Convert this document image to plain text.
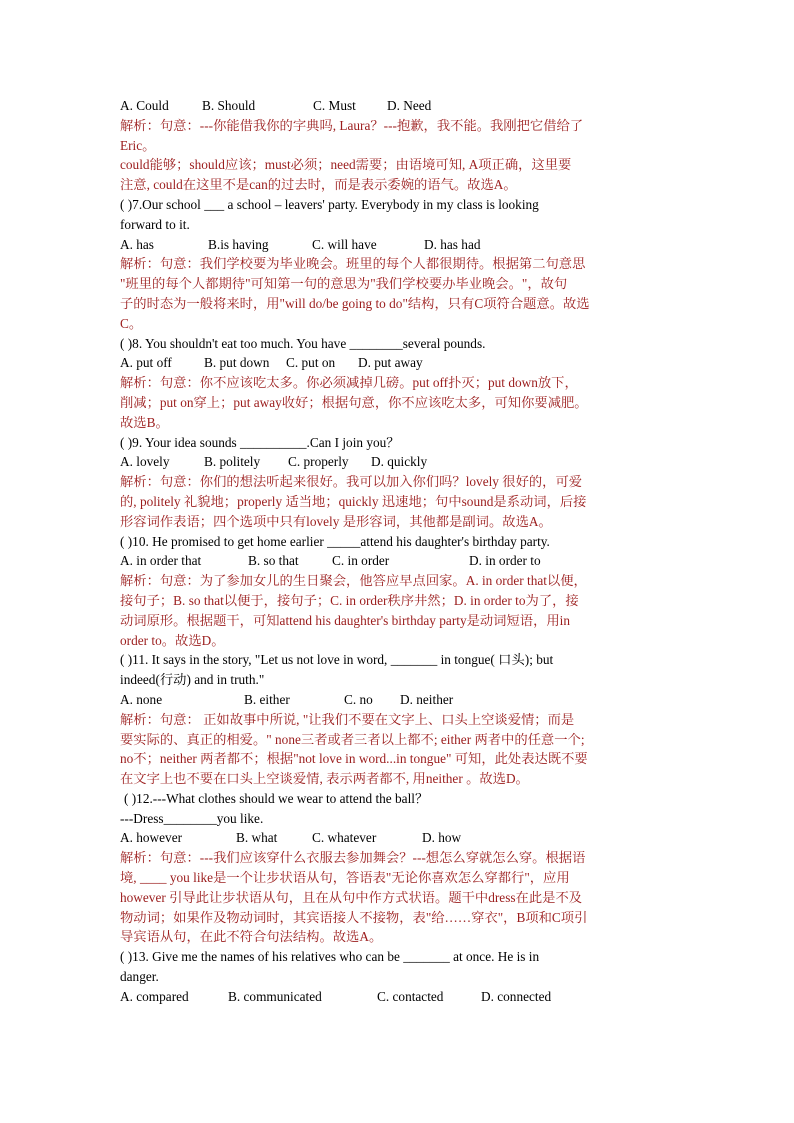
A. Could B. Should	C. Must D. Need
解析：句意：---你能借我你的字典吗, Laura？---抱歉，我不能。我刚把它借给了
Eric。
could能够；should应该；must必须；need需要；由语境可知, A项正确，这里要
注意, could在这里不是can的过去时，而是表示委婉的语气。故选A。
( )7.Our school ___ a school – leavers' party. Everybody in my class is looking
forward to it.
A. has	B.is having	C. will have	D. has had
解析：句意：我们学校要为毕业晚会。班里的每个人都很期待。根据第二句意思
"班里的每个人都期待"可知第一句的意思为"我们学校要办毕业晚会。"，故句
子的时态为一般将来时，用"will do/be going to do"结构，只有C项符合题意。故选
C。
( )8. You shouldn't eat too much. You have ________several pounds.
A. put off B. put down C. put on D. put away
解析：句意：你不应该吃太多。你必须减掉几磅。put off扑灭；put down放下，
削减；put on穿上；put away收好；根据句意，你不应该吃太多，可知你要减肥。
故选B。
( )9. Your idea sounds __________.Can I join you？
A. lovely	B. politely C. properly D. quickly
解析：句意：你们的想法听起来很好。我可以加入你们吗？lovely 很好的，可爱
的, politely 礼貌地；properly 适当地；quickly 迅速地；句中sound是系动词，后接
形容词作表语；四个选项中只有lovely 是形容词，其他都是副词。故选A。
( )10. He promised to get home earlier _____attend his daughter's birthday party.
A. in order that	B. so that	C. in order	D. in order to
解析：句意：为了参加女儿的生日聚会，他答应早点回家。A. in order that以便，
接句子；B. so that以便于，接句子；C. in order秩序井然；D. in order to为了，接
动词原形。根据题干，可知attend his daughter's birthday party是动词短语，用in
order to。故选D。
( )11. It says in the story, "Let us not love in word, _______ in tongue( 口头); but
indeed(行动) and in truth."
A. none	B. either	C. no D. neither
解析：句意： 正如故事中所说, "让我们不要在文字上、口头上空谈爱情；而是
要实际的、真正的相爱。" none三者或者三者以上都不; either 两者中的任意一个;
no不；neither 两者都不；根据"not love in word...in tongue" 可知，此处表达既不要
在文字上也不要在口头上空谈爱情, 表示两者都不, 用neither 。故选D。
( )12.---What clothes should we wear to attend the ball？
---Dress________you like.
A. however	B. what	C. whatever	D. how
解析：句意：---我们应该穿什么衣服去参加舞会？---想怎么穿就怎么穿。根据语
境, ____ you like是一个让步状语从句，答语表"无论你喜欢怎么穿都行"，应用
however 引导此让步状语从句，且在从句中作方式状语。题干中dress在此是不及
物动词；如果作及物动词时，其宾语接人不接物，表"给……穿衣"，B项和C项引
导宾语从句，在此不符合句法结构。故选A。
( )13. Give me the names of his relatives who can be _______ at once. He is in
danger.
A. compared	B. communicated	C. contacted	D. connected
